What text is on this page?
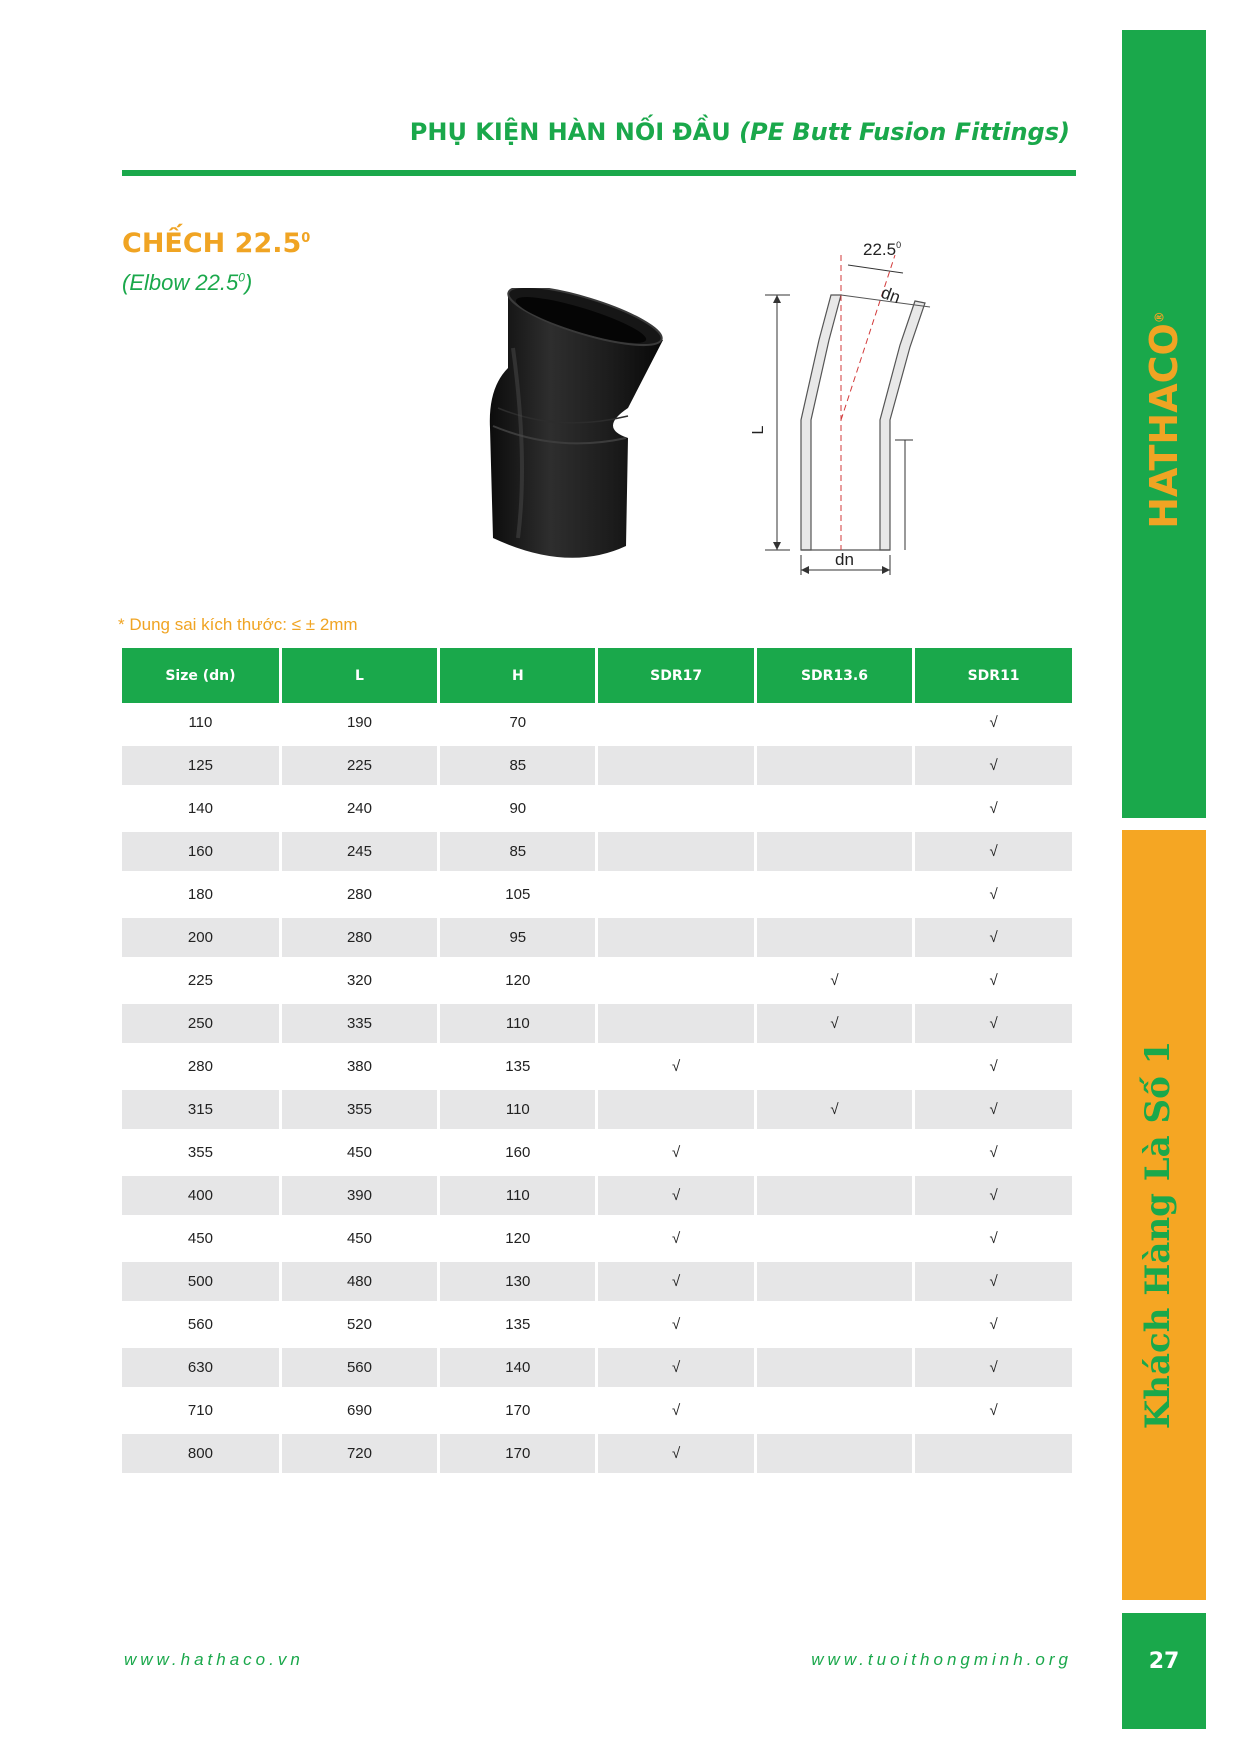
PHỤ KIỆN HÀN NỐI ĐẦU (PE Butt Fusion Fittings)
CHẾCH 22.5$^0$
(Elbow 22.5$^0$)
L
22.5$^0$
dn
dn
* Dung sai kích thước: ≤ ± 2mm
Size (dn)	L	H	SDR17	SDR13.6	SDR11
110	190	70			√
125	225	85			√
140	240	90			√
160	245	85			√
180	280	105			√
200	280	95			√
225	320	120		√	√
250	335	110		√	√
280	380	135	√		√
315	355	110		√	√
355	450	160	√		√
400	390	110	√		√
450	450	120	√		√
500	480	130	√		√
560	520	135	√		√
630	560	140	√		√
710	690	170	√		√
800	720	170	√		
HATHACO®
Khách Hàng Là Số 1
27
www.hathaco.vn	www.tuoithongminh.org
